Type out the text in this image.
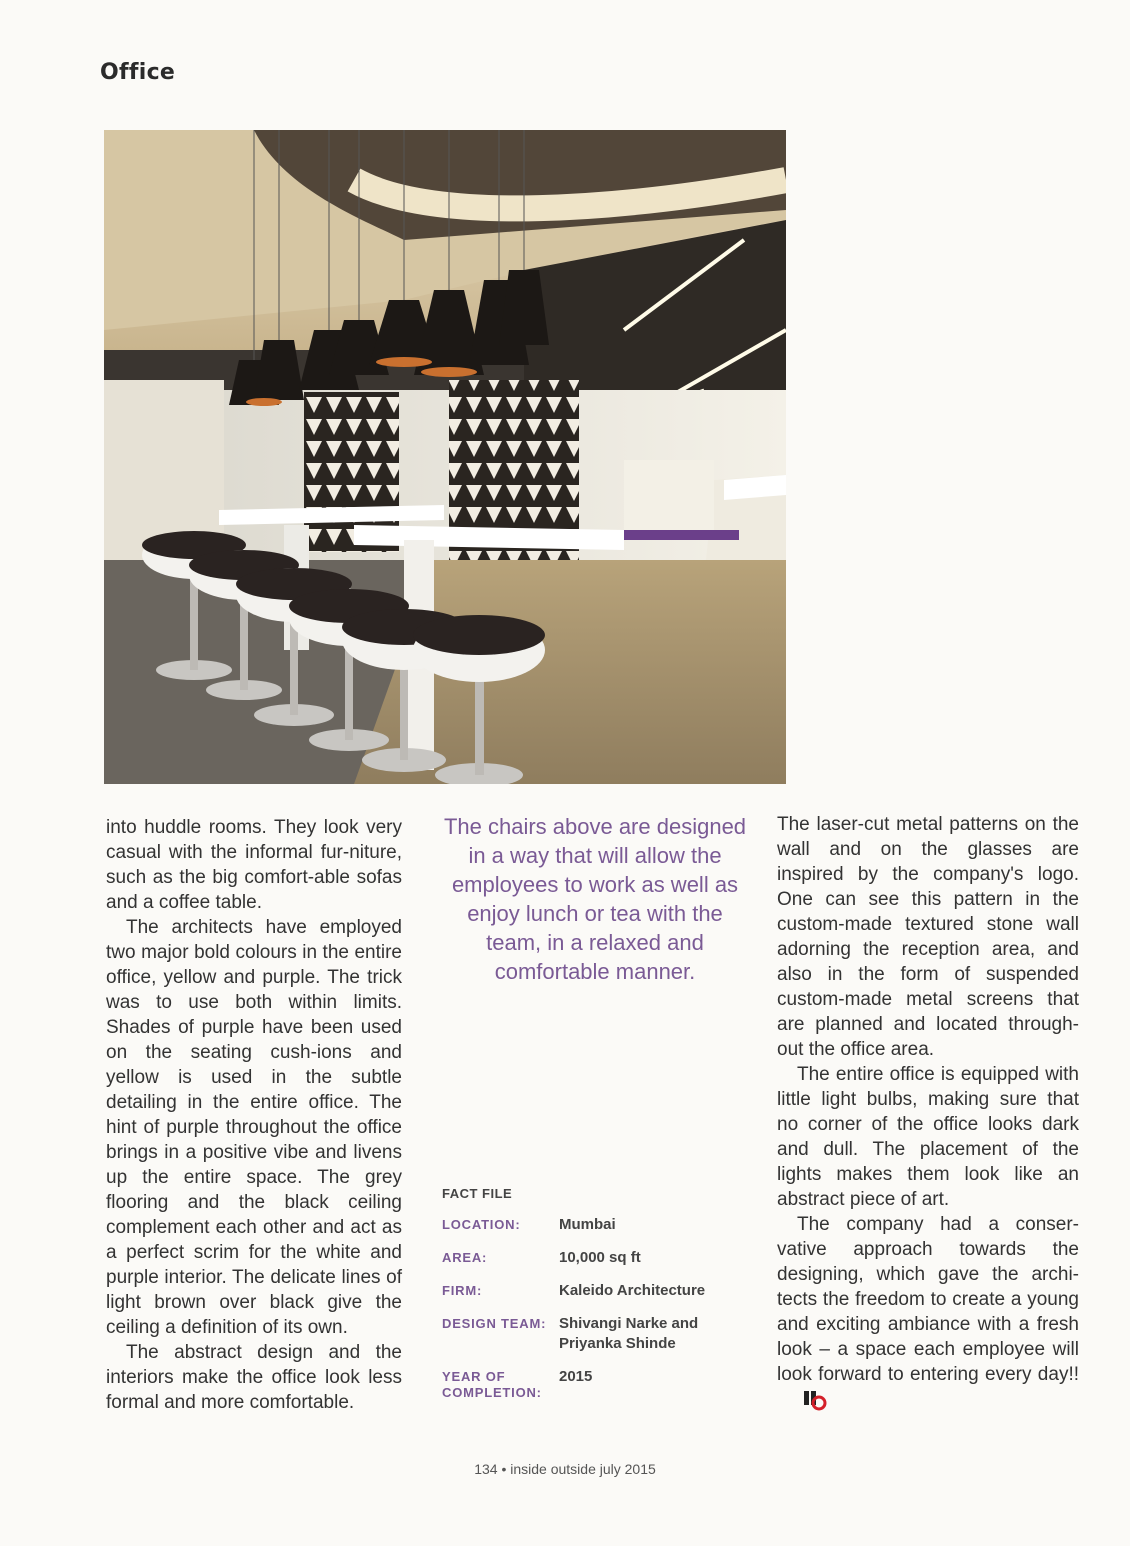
Office

into huddle rooms. They look very casual with the informal fur-niture, such as the big comfort-able sofas and a coffee table.

The architects have employed two major bold colours in the entire office, yellow and purple. The trick was to use both within limits. Shades of purple have been used on the seating cush-ions and yellow is used in the subtle detailing in the entire office. The hint of purple throughout the office brings in a positive vibe and livens up the entire space. The grey flooring and the black ceiling complement each other and act as a perfect scrim for the white and purple interior. The delicate lines of light brown over black give the ceiling a definition of its own.

The abstract design and the interiors make the office look less formal and more comfortable.

The chairs above are designed in a way that will allow the employees to work as well as enjoy lunch or tea with the team, in a relaxed and comfortable manner.
FACT FILE
LOCATION:	Mumbai
AREA:	10,000 sq ft
FIRM:	Kaleido Architecture
DESIGN TEAM: Shivangi Narke and Priyanka Shinde
YEAR OF COMPLETION:
2015

The laser-cut metal patterns on the wall and on the glasses are inspired by the company's logo. One can see this pattern in the custom-made textured stone wall adorning the reception area, and also in the form of suspended custom-made metal screens that are planned and located through-out the office area.

The entire office is equipped with little light bulbs, making sure that no corner of the office looks dark and dull. The placement of the lights makes them look like an abstract piece of art.

The company had a conser-vative approach towards the designing, which gave the archi-tects the freedom to create a young and exciting ambiance with a fresh look – a space each employee will look forward to entering every day!!

134 • inside outside july 2015
